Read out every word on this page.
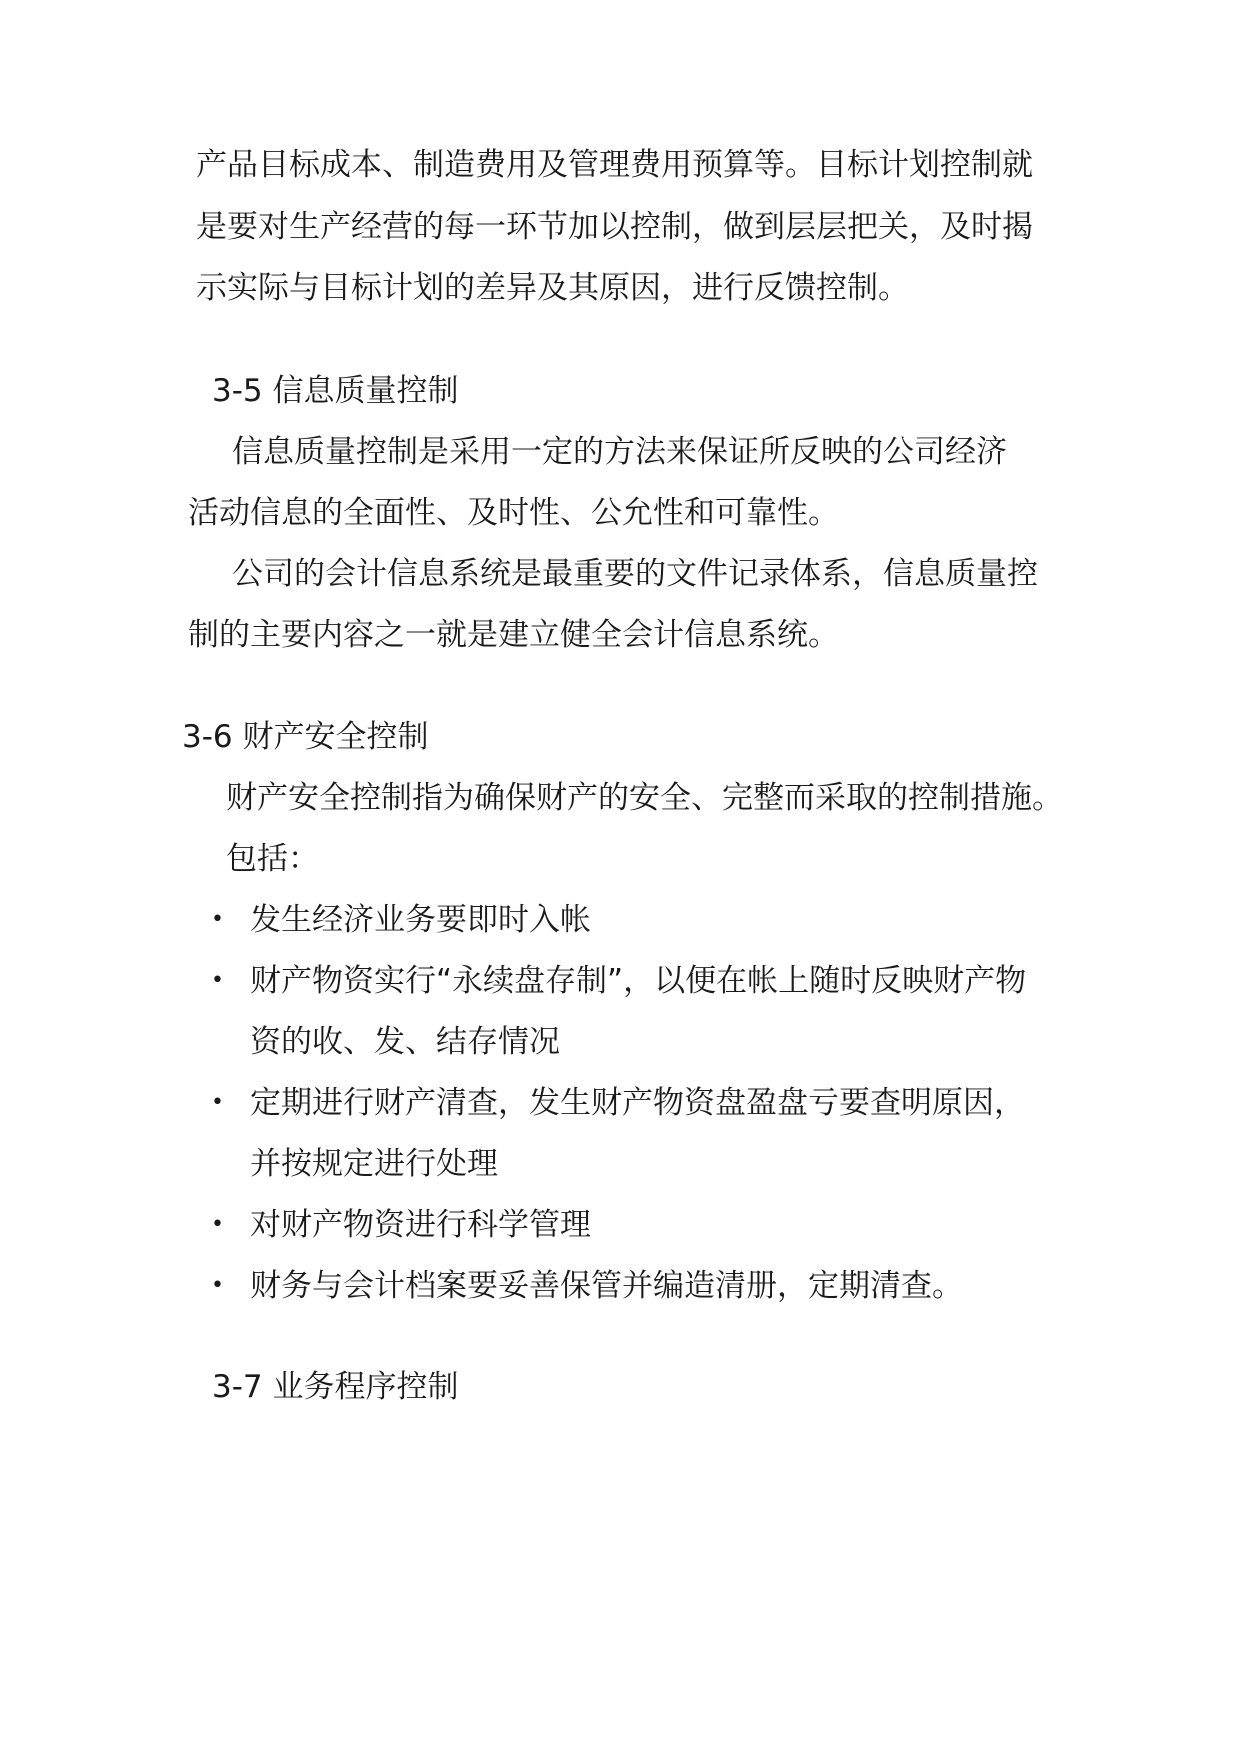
产品目标成本、制造费用及管理费用预算等。目标计划控制就
是要对生产经营的每一环节加以控制，做到层层把关，及时揭
示实际与目标计划的差异及其原因，进行反馈控制。
3-5 信息质量控制
信息质量控制是采用一定的方法来保证所反映的公司经济
活动信息的全面性、及时性、公允性和可靠性。
公司的会计信息系统是最重要的文件记录体系，信息质量控
制的主要内容之一就是建立健全会计信息系统。
3-6 财产安全控制
财产安全控制指为确保财产的安全、完整而采取的控制措施。
包括：
• 发生经济业务要即时入帐
• 财产物资实行“永续盘存制”，以便在帐上随时反映财产物
资的收、发、结存情况
• 定期进行财产清查，发生财产物资盘盈盘亏要查明原因，
并按规定进行处理
• 对财产物资进行科学管理
• 财务与会计档案要妥善保管并编造清册，定期清查。
3-7 业务程序控制
